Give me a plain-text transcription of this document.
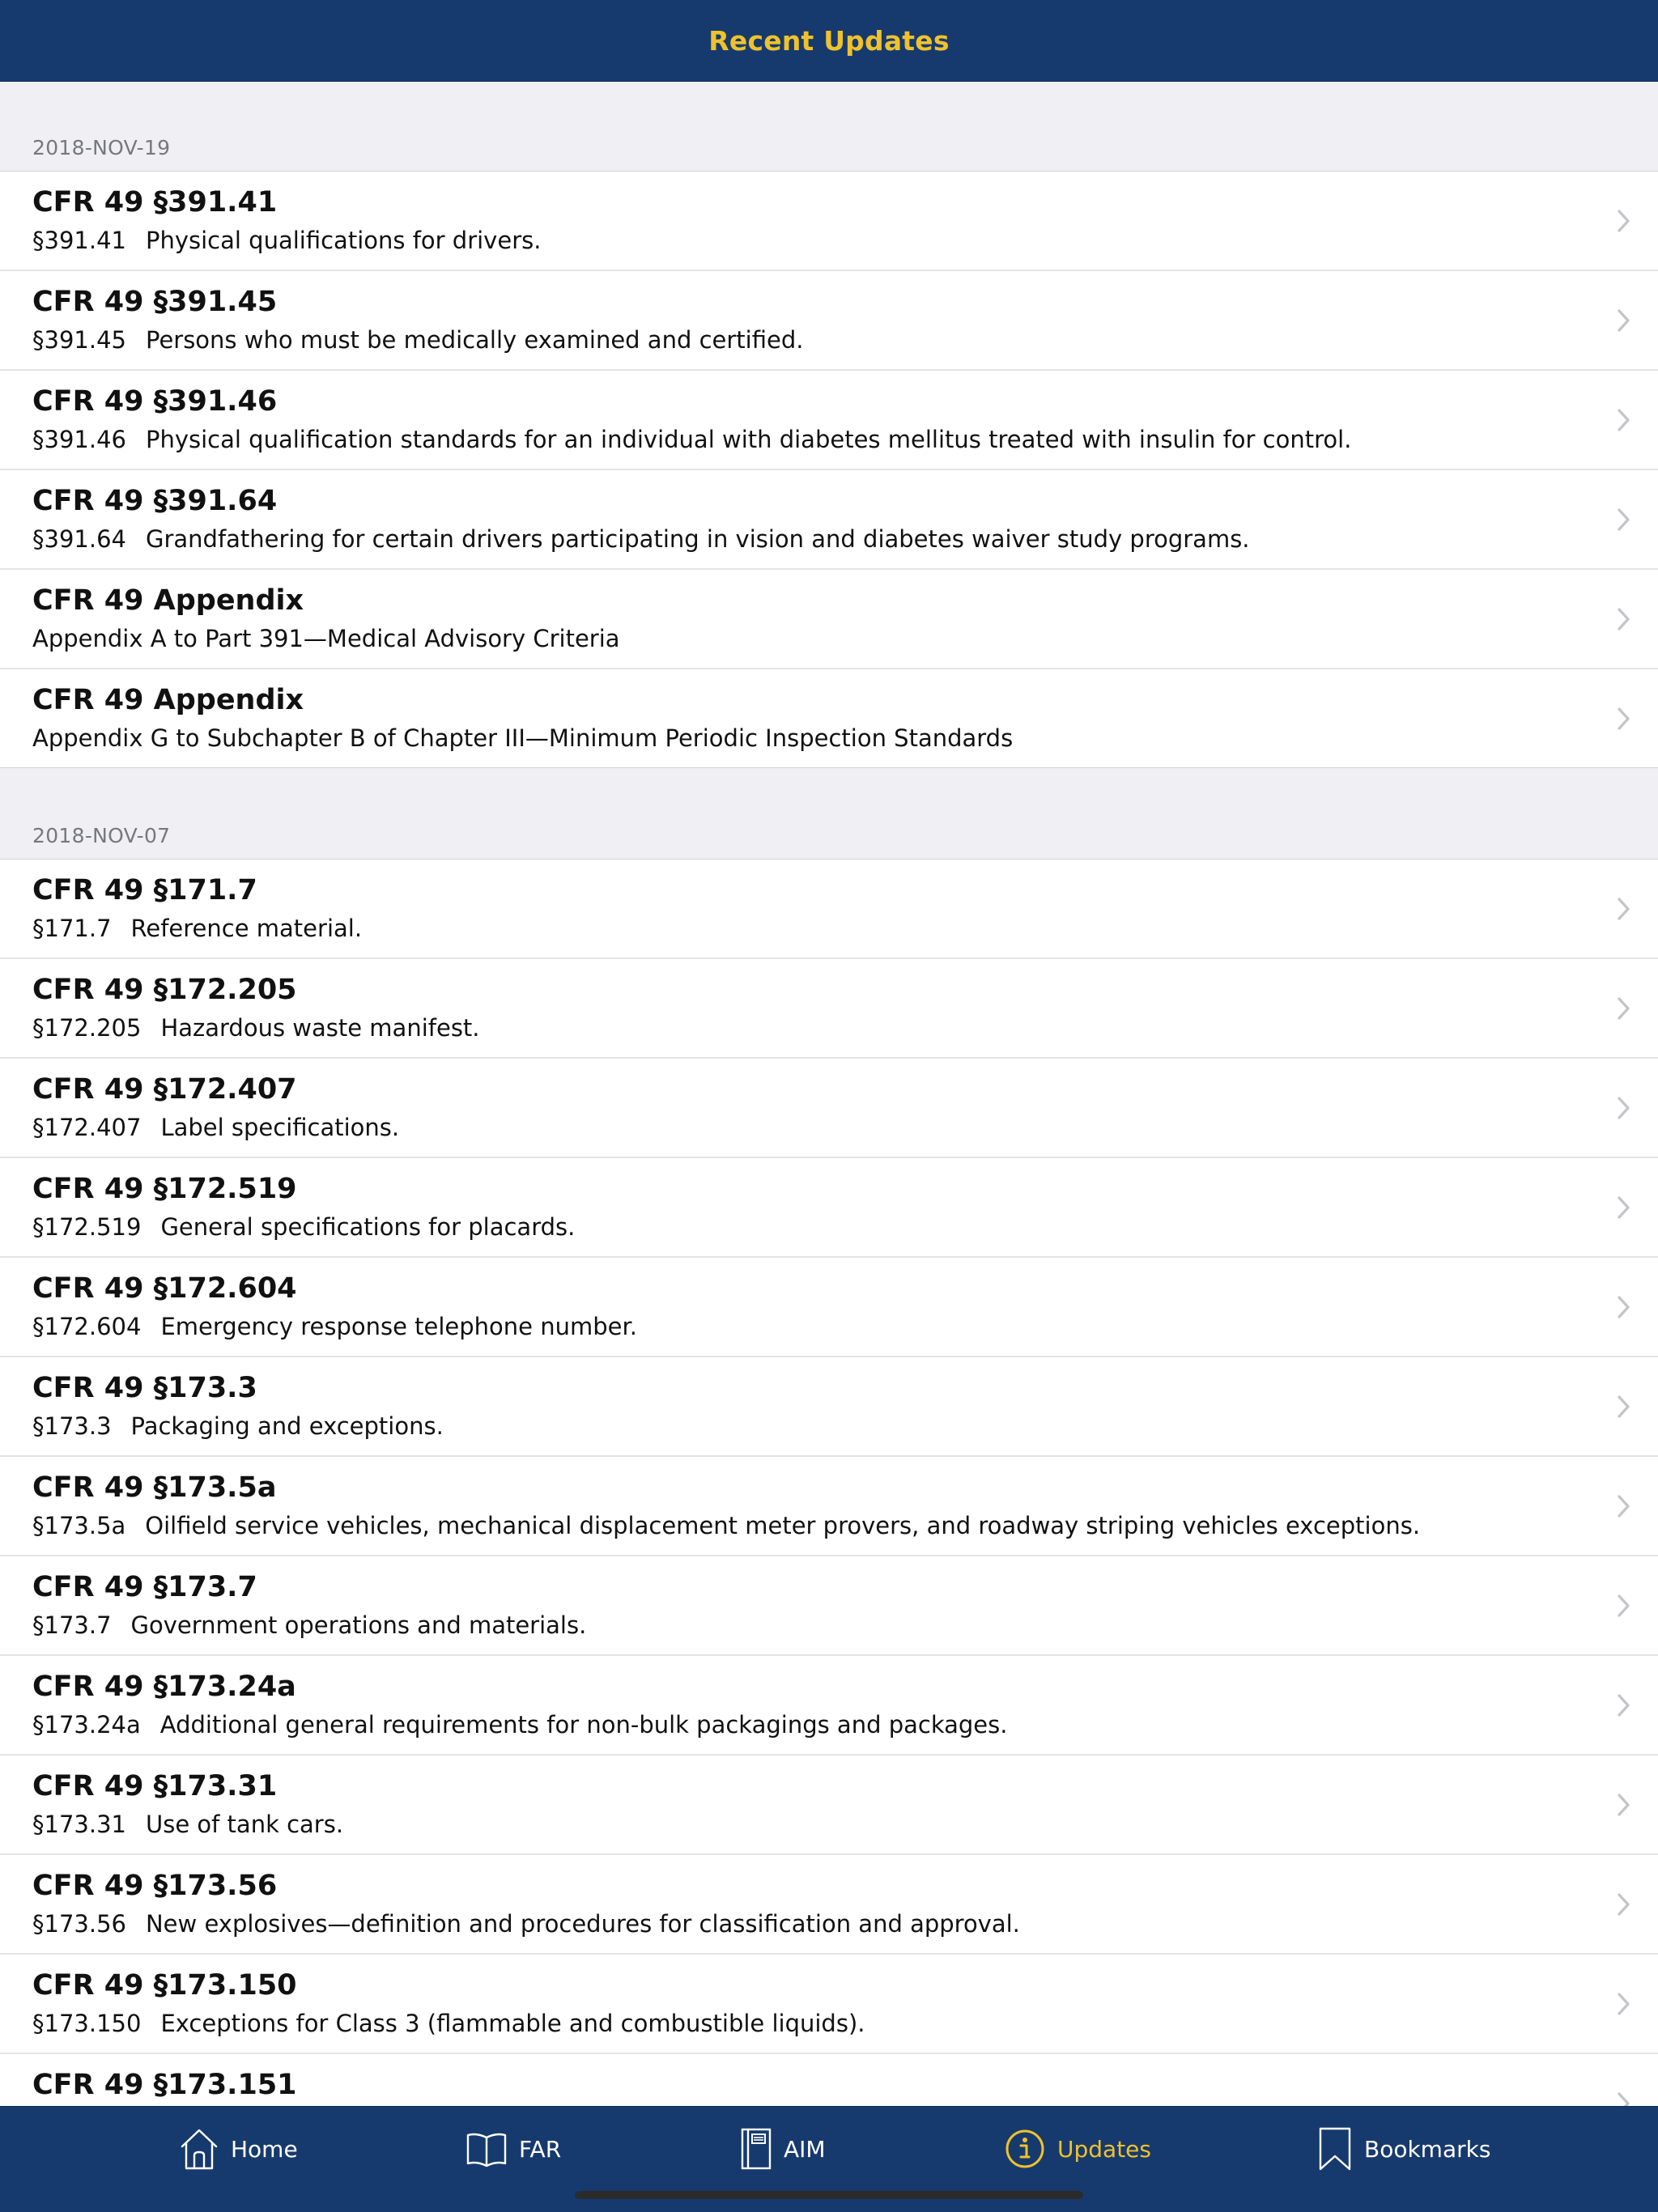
Recent Updates
2018-NOV-19
CFR 49 §391.41
§391.41 Physical qualifications for drivers.
CFR 49 §391.45
§391.45 Persons who must be medically examined and certified.
CFR 49 §391.46
§391.46 Physical qualification standards for an individual with diabetes mellitus treated with insulin for control.
CFR 49 §391.64
§391.64 Grandfathering for certain drivers participating in vision and diabetes waiver study programs.
CFR 49 Appendix
Appendix A to Part 391—Medical Advisory Criteria
CFR 49 Appendix
Appendix G to Subchapter B of Chapter III—Minimum Periodic Inspection Standards
2018-NOV-07
CFR 49 §171.7
§171.7 Reference material.
CFR 49 §172.205
§172.205 Hazardous waste manifest.
CFR 49 §172.407
§172.407 Label specifications.
CFR 49 §172.519
§172.519 General specifications for placards.
CFR 49 §172.604
§172.604 Emergency response telephone number.
CFR 49 §173.3
§173.3 Packaging and exceptions.
CFR 49 §173.5a
§173.5a Oilfield service vehicles, mechanical displacement meter provers, and roadway striping vehicles exceptions.
CFR 49 §173.7
§173.7 Government operations and materials.
CFR 49 §173.24a
§173.24a Additional general requirements for non-bulk packagings and packages.
CFR 49 §173.31
§173.31 Use of tank cars.
CFR 49 §173.56
§173.56 New explosives—definition and procedures for classification and approval.
CFR 49 §173.150
§173.150 Exceptions for Class 3 (flammable and combustible liquids).
CFR 49 §173.151
Home	FAR	AIM	Updates	Bookmarks
